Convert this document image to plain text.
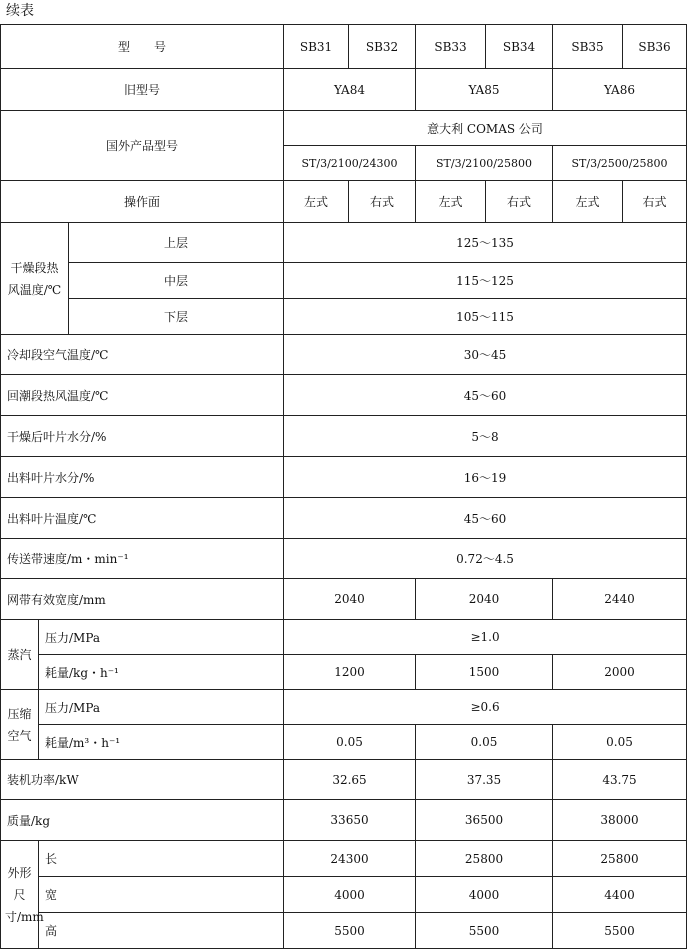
续表
型　　号			SB31	SB32	SB33	SB34	SB35	SB36
旧型号			YA84		YA85		YA86	
国外产品型号			意大利 COMAS 公司					
			ST/3/2100/24300		ST/3/2100/25800		ST/3/2500/25800	
操作面			左式	右式	左式	右式	左式	右式
干燥段热风温度/℃		上层	125～135					
		中层	115～125					
		下层	105～115					
冷却段空气温度/℃			30～45					
回潮段热风温度/℃			45～60					
干燥后叶片水分/%			5～8					
出料叶片水分/%			16～19					
出料叶片温度/℃			45～60					
传送带速度/m・min⁻¹			0.72～4.5					
网带有效宽度/mm			2040		2040		2440	
蒸汽	压力/MPa		≥1.0					
	耗量/kg・h⁻¹		1200		1500		2000	
压缩空气	压力/MPa		≥0.6					
	耗量/m³・h⁻¹		0.05		0.05		0.05	
装机功率/kW			32.65		37.35		43.75	
质量/kg			33650		36500		38000	
外形尺寸/mm	长		24300		25800		25800	
	宽		4000		4000		4400	
	高		5500		5500		5500	
